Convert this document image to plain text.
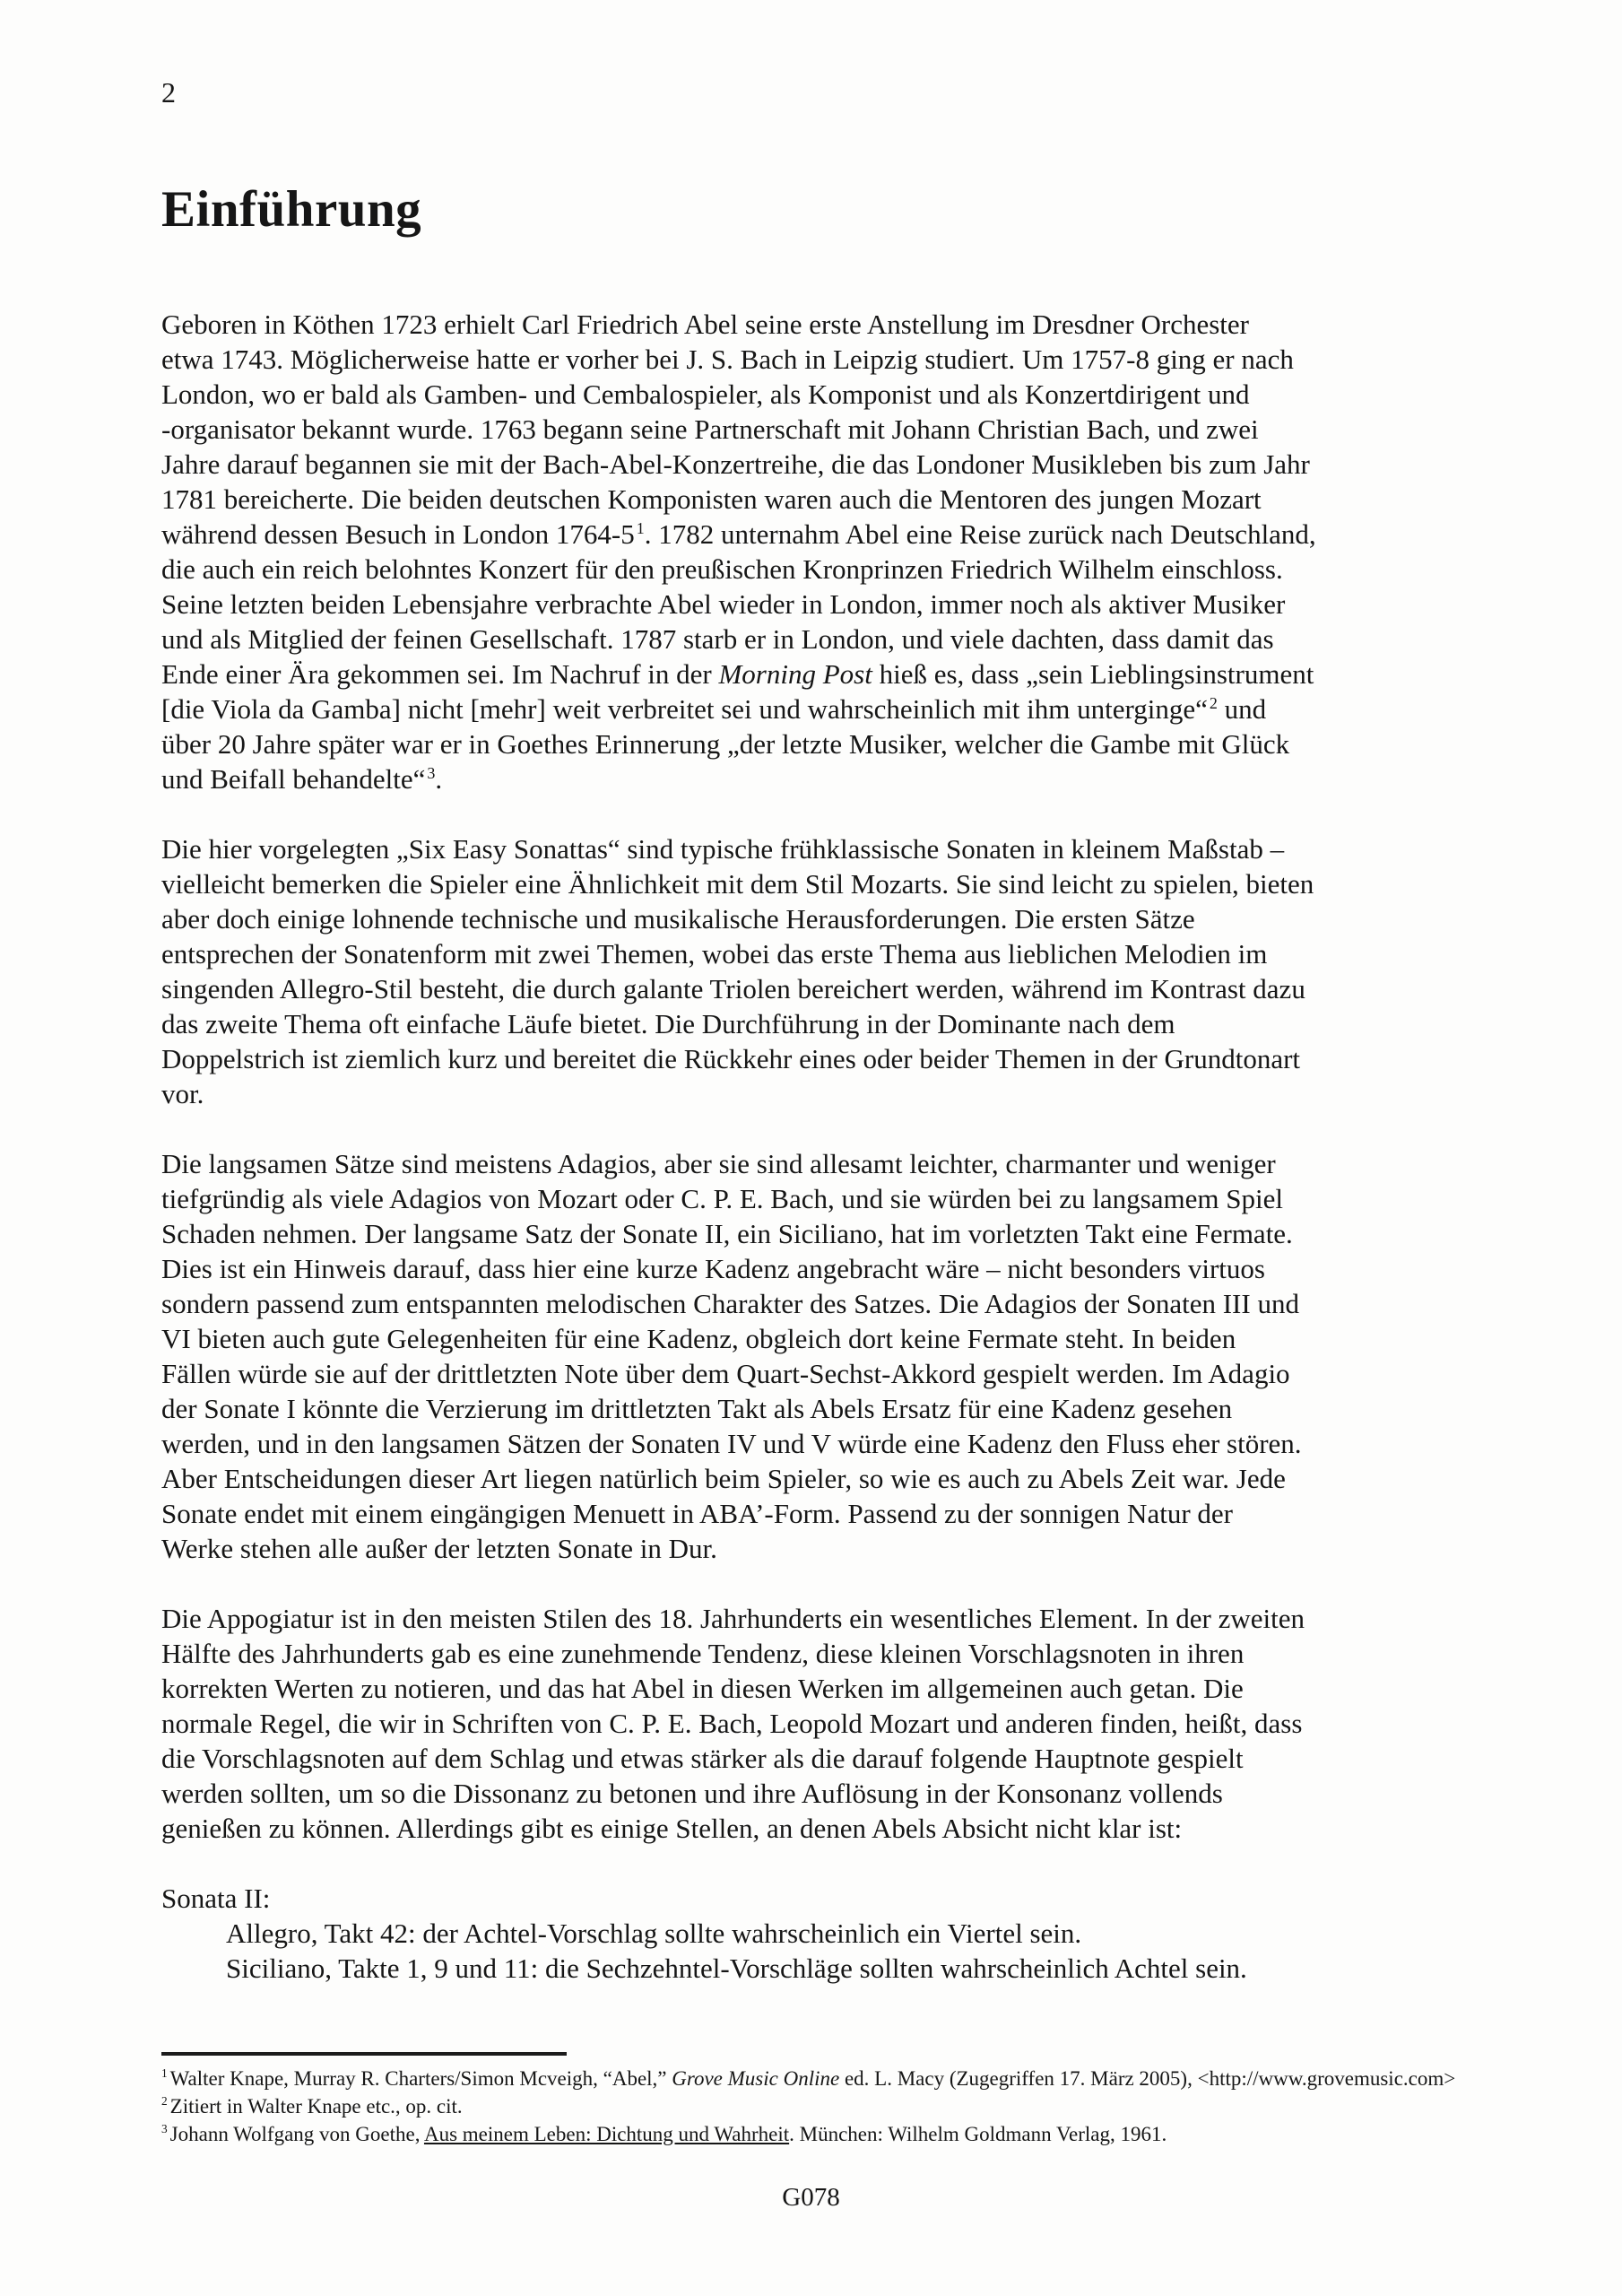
2
Einführung
Geboren in Köthen 1723 erhielt Carl Friedrich Abel seine erste Anstellung im Dresdner Orchester
etwa 1743. Möglicherweise hatte er vorher bei J. S. Bach in Leipzig studiert. Um 1757-8 ging er nach
London, wo er bald als Gamben- und Cembalospieler, als Komponist und als Konzertdirigent und
-organisator bekannt wurde. 1763 begann seine Partnerschaft mit Johann Christian Bach, und zwei
Jahre darauf begannen sie mit der Bach-Abel-Konzertreihe, die das Londoner Musikleben bis zum Jahr
1781 bereicherte. Die beiden deutschen Komponisten waren auch die Mentoren des jungen Mozart
während dessen Besuch in London 1764-5 $^1$. 1782 unternahm Abel eine Reise zurück nach Deutschland,
die auch ein reich belohntes Konzert für den preußischen Kronprinzen Friedrich Wilhelm einschloss.
Seine letzten beiden Lebensjahre verbrachte Abel wieder in London, immer noch als aktiver Musiker
und als Mitglied der feinen Gesellschaft. 1787 starb er in London, und viele dachten, dass damit das
Ende einer Ära gekommen sei. Im Nachruf in der Morning Post hieß es, dass „sein Lieblingsinstrument
[die Viola da Gamba] nicht [mehr] weit verbreitet sei und wahrscheinlich mit ihm unterginge“ $^2$ und
über 20 Jahre später war er in Goethes Erinnerung „der letzte Musiker, welcher die Gambe mit Glück
und Beifall behandelte“ $^3$.
Die hier vorgelegten „Six Easy Sonattas“ sind typische frühklassische Sonaten in kleinem Maßstab –
vielleicht bemerken die Spieler eine Ähnlichkeit mit dem Stil Mozarts. Sie sind leicht zu spielen, bieten
aber doch einige lohnende technische und musikalische Herausforderungen. Die ersten Sätze
entsprechen der Sonatenform mit zwei Themen, wobei das erste Thema aus lieblichen Melodien im
singenden Allegro-Stil besteht, die durch galante Triolen bereichert werden, während im Kontrast dazu
das zweite Thema oft einfache Läufe bietet. Die Durchführung in der Dominante nach dem
Doppelstrich ist ziemlich kurz und bereitet die Rückkehr eines oder beider Themen in der Grundtonart
vor.
Die langsamen Sätze sind meistens Adagios, aber sie sind allesamt leichter, charmanter und weniger
tiefgründig als viele Adagios von Mozart oder C. P. E. Bach, und sie würden bei zu langsamem Spiel
Schaden nehmen. Der langsame Satz der Sonate II, ein Siciliano, hat im vorletzten Takt eine Fermate.
Dies ist ein Hinweis darauf, dass hier eine kurze Kadenz angebracht wäre – nicht besonders virtuos
sondern passend zum entspannten melodischen Charakter des Satzes. Die Adagios der Sonaten III und
VI bieten auch gute Gelegenheiten für eine Kadenz, obgleich dort keine Fermate steht. In beiden
Fällen würde sie auf der drittletzten Note über dem Quart-Sechst-Akkord gespielt werden. Im Adagio
der Sonate I könnte die Verzierung im drittletzten Takt als Abels Ersatz für eine Kadenz gesehen
werden, und in den langsamen Sätzen der Sonaten IV und V würde eine Kadenz den Fluss eher stören.
Aber Entscheidungen dieser Art liegen natürlich beim Spieler, so wie es auch zu Abels Zeit war. Jede
Sonate endet mit einem eingängigen Menuett in ABA’-Form. Passend zu der sonnigen Natur der
Werke stehen alle außer der letzten Sonate in Dur.
Die Appogiatur ist in den meisten Stilen des 18. Jahrhunderts ein wesentliches Element. In der zweiten
Hälfte des Jahrhunderts gab es eine zunehmende Tendenz, diese kleinen Vorschlagsnoten in ihren
korrekten Werten zu notieren, und das hat Abel in diesen Werken im allgemeinen auch getan. Die
normale Regel, die wir in Schriften von C. P. E. Bach, Leopold Mozart und anderen finden, heißt, dass
die Vorschlagsnoten auf dem Schlag und etwas stärker als die darauf folgende Hauptnote gespielt
werden sollten, um so die Dissonanz zu betonen und ihre Auflösung in der Konsonanz vollends
genießen zu können. Allerdings gibt es einige Stellen, an denen Abels Absicht nicht klar ist:
Sonata II:
Allegro, Takt 42: der Achtel-Vorschlag sollte wahrscheinlich ein Viertel sein.
Siciliano, Takte 1, 9 und 11: die Sechzehntel-Vorschläge sollten wahrscheinlich Achtel sein.
$^1$ Walter Knape, Murray R. Charters/Simon Mcveigh, “Abel,” Grove Music Online ed. L. Macy (Zugegriffen 17. März 2005), <http://www.grovemusic.com>
$^2$ Zitiert in Walter Knape etc., op. cit.
$^3$ Johann Wolfgang von Goethe, Aus meinem Leben: Dichtung und Wahrheit. München: Wilhelm Goldmann Verlag, 1961.
G078
